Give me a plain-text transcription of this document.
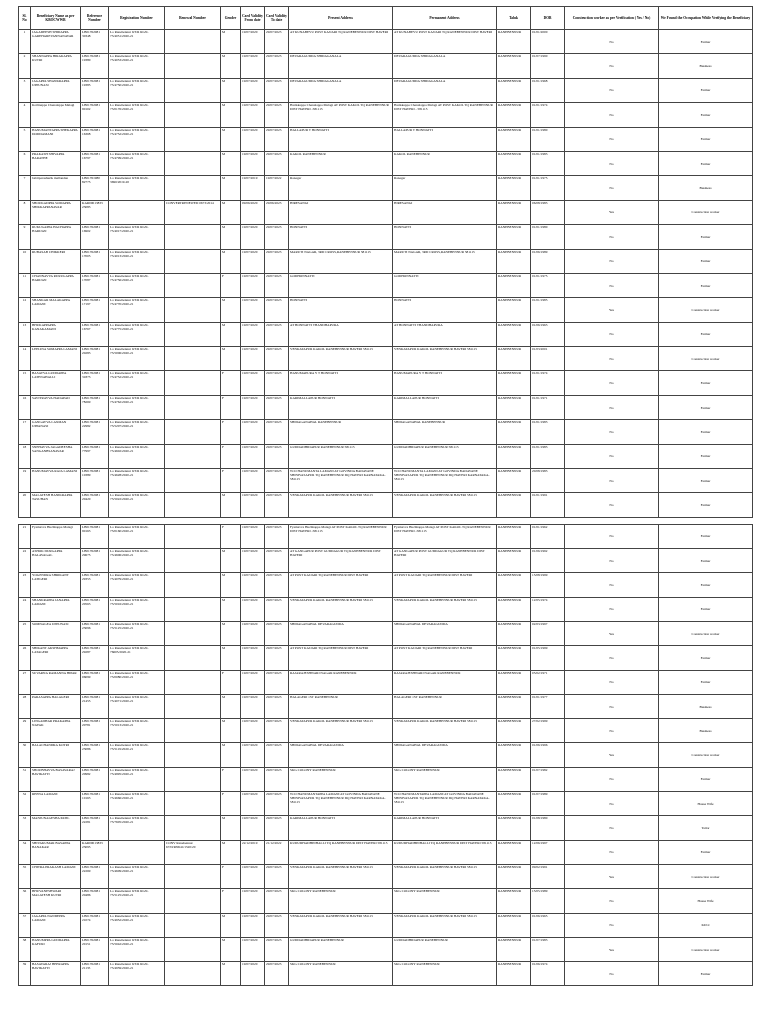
Sl. No	Beneficiary Name as per KBOCWWB	Reference Number	Registration Number	Renewal Number	Gender	Card Validity From date	Card Validity To date	Present Address	Permanent Address	Taluk	DOB	Construction worker as per Verification ( Yes / No)	We Found the Occupation While Verifying the Beneficiary
1	JAGADEESH SHIDAPPA GAREHAREVANNANAVAR	LB01762081 30348	Lo Ranebennur 9/3/R RGN-73/4051/2020-21		M	19/07/2020	29/07/2023	AT KUNABEVU POST KAJJARI TQ RANEBENNUR DIST HAVERI	AT KUNABEVU POST KAJJARI TQ RANEBENNUR DIST HAVERI	RANEBENNUR	01/01/2000	No	Farmer
2	SHANNAPPA HIRAKAPPA KUTRI	LB01762081 19380	Lo Ranebennur 9/3/R RGN-73/4053/2020-21		M	19/07/2020	29/07/2023	DEVARAGUDDA SHIDAGANALA	DEVARAGUDDA SHIDAGANALA	RANEBENNUR	01/07/1990	No	Business
3	JAGAPPA SHANKRAPPA UPPUNASI	LB01762081 19385	Lo Ranebennur 9/3/R RGN-73/4750/2020-21		M	19/07/2020	29/07/2023	DEVARAGUDDA SHIDAGANALA	DEVARAGUDDA SHIDAGANALA	RANEBENNUR	01/01/1968	No	Farmer
4	Kotlinappa Chenalappa Malagi	LB01762081 90102	Lo Ranebennur 9/3/R RGN-73/0176/2020-21		M	19/07/2020	29/07/2023	Harikkappa Chenalappa Malagi AT POST KAKOL TQ RANEBENNUR DIST HAVERI -581115	Harikkappa Chenalappa Malagi AT POST KAKOL TQ RANEBENNUR DIST HAVERI - 581115	RANEBENNUR	01/01/1974	No	Farmer
5	HANUMANTAPPA SHEKAPPA DODDAMANI	LB01762081 16368	Lo Ranebennur 9/3/R RGN-73/4752/2020-21		M	19/07/2020	29/07/2023	HALLAPUR T HONNATTI	HALLAPUR T HONNATTI	RANEBENNUR	01/01/1980	No	Farmer
6	PRAKASH SHIVAPPA BARATHE	LB01762081 16797	Lo Ranebennur 9/3/R RGN-73/4799/2020-21		M	19/07/2020	29/07/2023	KAKOL RANEBENNUR	KAKOL RANEBENNUR	RANEBENNUR	01/01/1983	No	Farmer
7	babitparashurik mallandan	LB01761980 82775	Lo Ranebennur 9/3/R RGN-3690/2019-20		M	19/07/2019	19/07/2022	Ranagar	Ranagar	RANEBENNUR	01/01/1975	No	Business
8	SHOUKADPPA SOMAPPA SHIKKAPPANAVAR	KAR00013833 23083		CONVERTRENEWED 0673/2014	M	09/06/2020	29/06/2023	HIRESANGI	HIRESANGI	RANEBENNUR	06/08/1983	Yes	Construction worker
9	RUKUGAPPA HACHAPPA HARIJAN	LB01762081 16902	Lo Ranebennur 9/3/R RGN-73/4017/2020-21		M	19/07/2020	29/07/2023	HONNATTI	HONNATTI	RANEBENNUR	01/01/1980	No	Farmer
10	RUBASAB CHIKKERI	LB01762081 17005	Lo Ranebennur 9/3/R RGN-73/4013/2020-21		M	19/07/2020	29/07/2023	MARUTI NAGAR, 3RD CROSS,RANEBENNUR 581115	MARUTI NAGAR, 3RD CROSS,RANEBENNUR 581115	RANEBENNUR	01/06/1989	No	Farmer
11	CHANNAVVA RURUGAPPA HARIJAN	LB01762081 17087	Lo Ranebennur 9/3/R RGN-73/4756/2020-21		F	19/07/2020	29/07/2023	GODHONNATTI	GODHONNATTI	RANEBENNUR	01/01/1975	No	Farmer
12	SHANKAR MALAKAPPA LAMANI	LB01762081 17197	Lo Ranebennur 9/3/R RGN-73/4770/2020-21		M	19/07/2020	29/07/2023	HONNATTI	HONNATTI	RANEBENNUR	01/01/1985	Yes	Construction worker
13	BHUKAPPAPPA KANAKAMANI	LB01762081 16767	Lo Ranebennur 9/3/R RGN-73/4775/2020-21		M	19/07/2020	29/07/2023	AT HONNATTI THANDHAPURA	AT HONNATTI THANDHAPURA	RANEBENNUR	01/06/1963	No	Farmer
14	LEELINA SOMAPPA LAMANI	LB01762081 20283	Lo Ranebennur 9/3/R RGN-73/5006/2020-21		M	19/07/2020	29/07/2023	VENKATAPUR KAKOL RANEBENNUR HAVERI 581115	VENKATAPUR KAKOL RANEBENNUR HAVERI 581115	RANEBENNUR	01/03/2001	No	Construction worker
15	BASAVVA GUDDAPPA LATENAHALLI	LB01762081 31873	Lo Ranebennur 9/3/R RGN-73/4752/2020-21		F	19/07/2020	29/07/2023	HANUMAPURA Y T HONNATTI	HANUMAPURA Y T HONNATTI	RANEBENNUR	01/01/1974	No	Farmer
16	SAVITRAVVA HADAPAD	LB01762081 78269	Lo Ranebennur 9/3/R RGN-73/4762/2020-21		F	19/07/2020	29/07/2023	KARIMALLAPUR HONNATTI	KARIMALLAPUR HONNATTI	RANEBENNUR	01/01/1971	No	Farmer
17	GANGAVVA LAXMAN UPPANASI	LB01762081 22982	Lo Ranebennur 9/3/R RGN-73/5207/2020-21		F	19/07/2020	29/07/2023	SHIDAGANAHAL RANEBENNUR	SHIDAGANAHAL RANEBENNUR	RANEBENNUR	01/01/1983	No	Farmer
18	SNEHAVVA JAGADEESHA SANGANBSANAVAR	LB01762081 77997	Lo Ranebennur 9/3/R RGN-73/4602/2020-21		F	19/07/2020	29/07/2023	GUDDADHIDAPUR RANEBENNUR 581115	GUDDADHIDAPUR RANEBENNUR 581115	RANEBENNUR	01/01/1983	No	Farmer
19	HANUMAVVA RAJA LAMANI	LB01762081 10389	Lo Ranebennur 9/3/R RGN-73/4628/2020-21		F	19/07/2020	29/07/2023	W/O HANUMANTA LAMANI AT GOVINDA BADAVANE SHINIVASAPUR TQ RANEBENNUR DQ HAVERI KARNATAKA-581115	W/O HANUMANTA LAMANI AT GOVINDA BADAVANE SHINIVASAPUR TQ RANEBENNUR DQ HAVERI KARNATAKA-581115	RANEBENNUR	20/08/1983	No	Farmer
20	MALATESH HANIKRAPPA TASUHAN	LB01762081 20420	Lo Ranebennur 9/3/R RGN-73/5022/2020-21		M	19/07/2020	29/07/2023	VENKATAPUR KAKOL RANEBENNUR HAVERI 581115	VENKATAPUR KAKOL RANEBENNUR HAVERI 581115	RANEBENNUR	01/01/1991	No	Farmer
21	Fyamavva Huchhappa Malagi	LB01762081 90163	Lo Ranebennur 9/3/R RGN-73/0160/2020-21		F	19/07/2020	29/07/2023	Fyamavva Huchhappa Malagi AT POST KAKOL TQ RANEBENNUR DIST HAVERI -581115	Fyamavva Huchhappa Malagi AT POST KAKOL TQ RANEBENNUR DIST HAVERI -581115	RANEBENNUR	01/01/1962	No	Farmer
22	ASHOK DURGAPPA HALAVAGAL	LB01762081 29675	Lo Ranebennur 9/3/R RGN-73/4606/2020-21		M	19/07/2020	29/07/2023	AT GANGAPUR POST GUDDAGUR TQ RANEBENNUR DIST HAVERI	AT GANGAPUR POST GUDDAGUR TQ RANEBENNUR DIST HAVERI	RANEBENNUR	01/06/1992	No	Farmer
23	YOGENDRA SHRIKANT LATIGERI	LB01762081 29353	Lo Ranebennur 9/3/R RGN-73/4079/2020-21		M	19/07/2020	29/07/2023	AT POST KAJJARI TQ RANEBENNUR DIST HAVERI	AT POST KAJJARI TQ RANEBENNUR DIST HAVERI	RANEBENNUR	15/08/1999	No	Farmer
24	SHANKRAPPA JANAPPA LAMANI	LB01762081 20563	Lo Ranebennur 9/3/R RGN-73/5016/2020-21		M	19/07/2020	29/07/2023	VENKATAPUR KAKOL RANEBENNUR HAVERI 581115	VENKATAPUR KAKOL RANEBENNUR HAVERI 581115	RANEBENNUR	12/05/1974	No	Farmer
25	SOMNAGEA UPPUNASI	LB01762081 23096	Lo Ranebennur 9/3/R RGN-73/5125/2020-21		M	19/07/2020	29/07/2023	SHIDAGANAHAL DEVARAGUDDA	SHIDAGANAHAL DEVARAGUDDA	RANEBENNUR	02/03/1997	Yes	Construction worker
26	SHIKANT AKSHMAPPA LATAGERI	LB01762081 29287	Lo Ranebennur 9/3/R RGN-76605/2020-21		M	19/07/2020	29/07/2023	AT POST KAJJARI TQ RANEBENNUR DIST HAVERI	AT POST KAJJARI TQ RANEBENNUR DIST HAVERI	RANEBENNUR	01/05/1999	No	Farmer
27	SUVARNA RAMANNA HIPAR	LB01762081 06099	Lo Ranebennur 9/3/R RGN-73/0080/2020-21		F	19/07/2020	29/07/2023	RAJARAJESHWARI NAGAR RANEBENNUR	RAJARAJESHWARI NAGAR RANEBENNUR	RANEBENNUR	05/02/1971	No	Farmer
28	PARASAPPA HALAGERI	LB01762081 21455	Lo Ranebennur 9/3/R RGN-73/4071/2020-21		M	19/07/2020	29/07/2023	HALAGERI 1ST RANEBENNUR	HALAGERI 1ST RANEBENNUR	RANEBENNUR	01/01/1977	No	Business
29	LINGADHAR PRAKAPPA NAYAK	LB01762081 20781	Lo Ranebennur 9/3/R RGN-73/5013/2020-21		M	19/07/2020	29/07/2023	VENKATAPUR KAKOL RANEBENNUR HAVERI 581115	VENKATAPUR KAKOL RANEBENNUR HAVERI 581115	RANEBENNUR	27/02/1999	No	Business
30	BALACHANDRA KOTRI	LB01762081 23086	Lo Ranebennur 9/3/R RGN-73/5119/2020-21		M	19/07/2020	29/07/2023	SHIDAGANAHAL DEVARAGUDDA	SHIDAGANAHAL DEVARAGUDDA	RANEBENNUR	01/06/1996	Yes	Construction worker
31	SHOUBHAVVA BASAVARAJ BAVIKATTI	LB01762081 20982	Lo Ranebennur 9/3/R RGN-73/4995/2020-21		F	19/07/2020	29/07/2023	SKG COLONY RANEBENNUR	SKG COLONY RANEBENNUR	RANEBENNUR	01/07/1982	No	Farmer
32	REENA LAMANI	LB01762081 10163	Lo Ranebennur 9/3/R RGN-73/4666/2020-21		F	19/07/2020	29/07/2023	W/O HANUMANTAPPA LAMANI AT GOVINDA BADAVANE SHINIVASAPUR TQ RANEBENNUR DQ HAVERI KARNATAKA-581115	W/O HANUMANTAPPA LAMANI AT GOVINDA BADAVANE SHINIVASAPUR TQ RANEBENNUR DQ HAVERI KARNATAKA-581115	RANEBENNUR	01/07/1989	No	House Wife
33	MANJUNAGESHA PATIL	LB01762081 22281	Lo Ranebennur 9/3/R RGN-73/7605/2020-21		M	19/07/2020	29/07/2023	KARIMALLAPUR HONNATTI	KARIMALLAPUR HONNATTI	RANEBENNUR	01/08/1980	No	Tailor
34	SHIVAKUMAR BASAPPA BANAKAR	KAR00013833 23095		CONV Ranebennur 67/D/RNKO/1520/20	M	22/12/2019	21/12/2022	KUDUDHADHINHALLI TQ RANEBENNUR DIST HAVERI 581115	KUDUDHADHINHALLI TQ RANEBENNUR DIST HAVERI 581115	RANEBENNUR	12/06/1997	No	Farmer
35	CHITRA PRAKASH LAMANI	LB01762081 22269	Lo Ranebennur 9/3/R RGN-73/4609/2020-21		F	19/07/2020	29/07/2023	VENKATAPUR KAKOL RANEBENNUR HAVERI 581115	VENKATAPUR KAKOL RANEBENNUR HAVERI 581115	RANEBENNUR	09/02/1991	Yes	Construction worker
36	BHUVANESHWARI MALATESH KUTRI	LB01762081 20486	Lo Ranebennur 9/3/R RGN-73/5125/2020-21		F	19/07/2020	29/07/2023	SKG COLONY RANEBENNUR	SKG COLONY RANEBENNUR	RANEBENNUR	15/05/1989	No	House Wife
37	JAGAPPA NANDEPPA LAMANI	LB01762081 21074	Lo Ranebennur 9/3/R RGN-73/4952/2020-21		M	19/07/2020	29/07/2023	VENKATAPUR KAKOL RANEBENNUR HAVERI 581115	VENKATAPUR KAKOL RANEBENNUR HAVERI 581115	RANEBENNUR	01/06/1965	No	KULI
38	HANUMPPA GUDDAPPA KAFURI	LB01762081 20151	Lo Ranebennur 9/3/R RGN-73/5042/2020-21		M	19/07/2020	29/07/2023	GUDDADHIDAPUR RANEBENNUR	GUDDADHIDAPUR RANEBENNUR	RANEBENNUR	01/07/1983	Yes	Construction worker
39	BASAVARAJ BEERAPPA BAVIKATTI	LB01762081 21135	Lo Ranebennur 9/3/R RGN-73/4959/2020-21		M	19/07/2020	29/07/2023	SKG COLONY RANEBENNUR	SKG COLONY RANEBENNUR	RANEBENNUR	01/06/1974	No	Farmer
